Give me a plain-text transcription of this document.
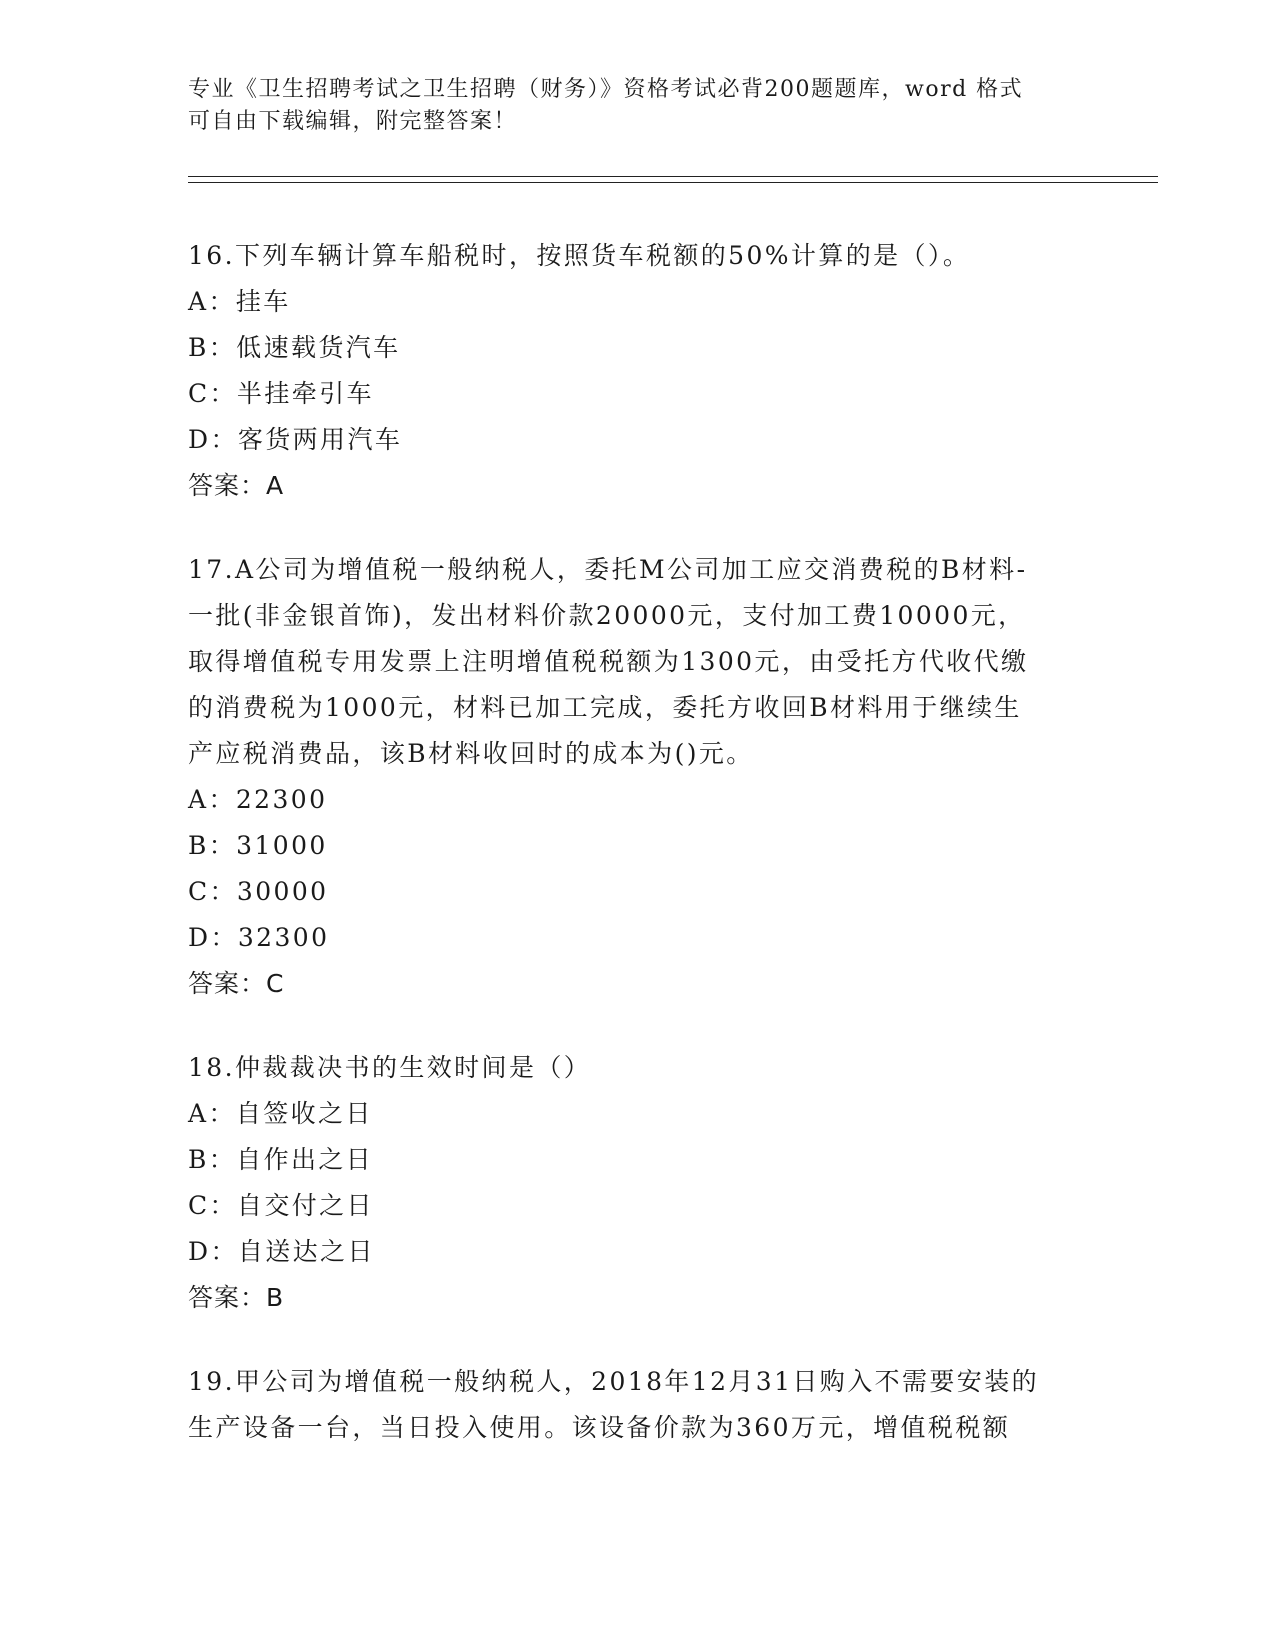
专业《卫生招聘考试之卫生招聘（财务）》资格考试必背200题题库，word 格式

可自由下载编辑，附完整答案！

16.下列车辆计算车船税时，按照货车税额的50%计算的是（）。

A：挂车

B：低速载货汽车

C：半挂牵引车

D：客货两用汽车

答案：A

17.A公司为增值税一般纳税人，委托M公司加工应交消费税的B材料-
一批(非金银首饰)，发出材料价款20000元，支付加工费10000元，
取得增值税专用发票上注明增值税税额为1300元，由受托方代收代缴
的消费税为1000元，材料已加工完成，委托方收回B材料用于继续生
产应税消费品，该B材料收回时的成本为()元。

A：22300

B：31000

C：30000

D：32300

答案：C

18.仲裁裁决书的生效时间是（）

A：自签收之日

B：自作出之日

C：自交付之日

D：自送达之日

答案：B

19.甲公司为增值税一般纳税人，2018年12月31日购入不需要安装的
生产设备一台，当日投入使用。该设备价款为360万元，增值税税额
